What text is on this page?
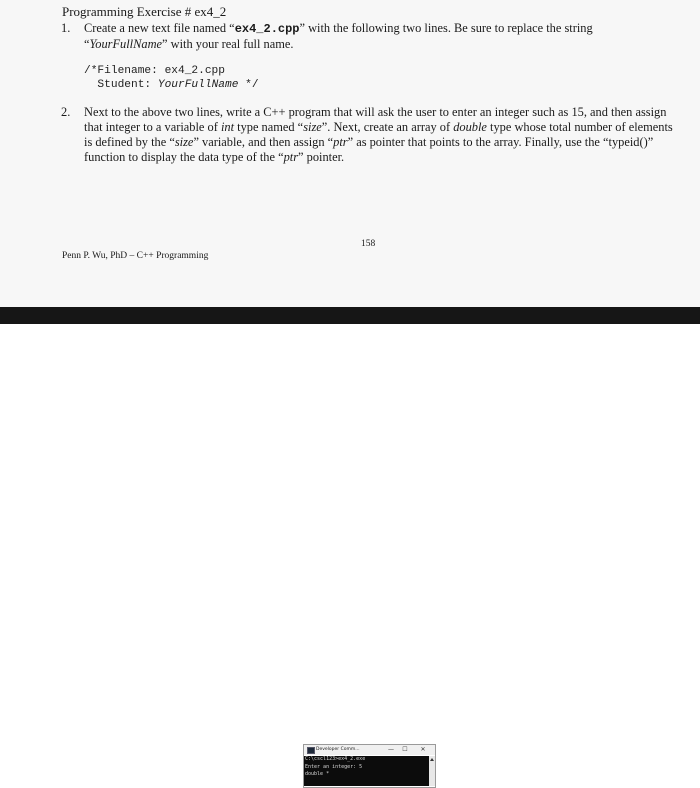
Programming Exercise # ex4_2
1. Create a new text file named “ex4_2.cpp” with the following two lines. Be sure to replace the string
“YourFullName” with your real full name.
/*Filename: ex4_2.cpp
Student: YourFullName */
2. Next to the above two lines, write a C++ program that will ask the user to enter an integer such as 15, and then assign that integer to a variable of int type named “size”. Next, create an array of double type whose total number of elements is defined by the “size” variable, and then assign “ptr” as pointer that points to the array. Finally, use the “typeid()” function to display the data type of the “ptr” pointer.
158
Penn P. Wu, PhD – C++ Programming
Developer Comm...	—	☐	✕
C:\cscl123>ex4_2.exe
Enter an integer: 5
double *
